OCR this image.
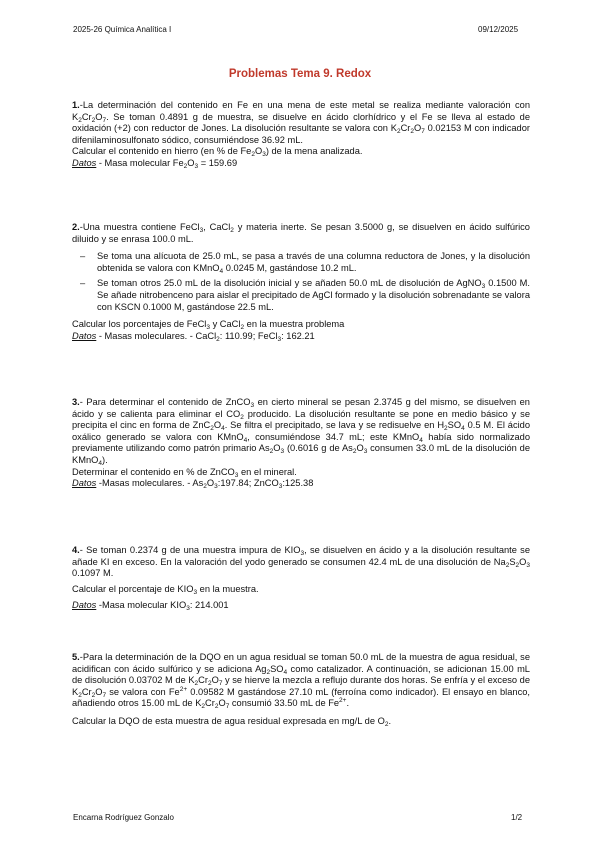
2025-26 Química Analítica I	09/12/2025
Problemas Tema 9. Redox

1.-La determinación del contenido en Fe en una mena de este metal se realiza mediante valoración con $K_2Cr_2O_7$. Se toman 0.4891 g de muestra, se disuelve en ácido clorhídrico y el Fe se lleva al estado de oxidación (+2) con reductor de Jones. La disolución resultante se valora con $K_2Cr_2O_7$ 0.02153 M con indicador difenilaminosulfonato sódico, consumiéndose 36.92 mL.

Calcular el contenido en hierro (en % de $Fe_2O_3$) de la mena analizada.

Datos - Masa molecular $Fe_2O_3 = 159.69$

2.-Una muestra contiene FeCl$_3$, CaCl$_2$ y materia inerte. Se pesan 3.5000 g, se disuelven en ácido sulfúrico diluido y se enrasa 100.0 mL.

– Se toma una alícuota de 25.0 mL, se pasa a través de una columna reductora de Jones, y la disolución obtenida se valora con KMnO$_4$ 0.0245 M, gastándose 10.2 mL.
– Se toman otros 25.0 mL de la disolución inicial y se añaden 50.0 mL de disolución de AgNO$_3$ 0.1500 M. Se añade nitrobenceno para aislar el precipitado de AgCl formado y la disolución sobrenadante se valora con KSCN 0.1000 M, gastándose 22.5 mL.

Calcular los porcentajes de FeCl$_3$ y CaCl$_2$ en la muestra problema

Datos - Masas moleculares. - CaCl$_2$: 110.99; FeCl$_3$: 162.21

3.- Para determinar el contenido de ZnCO$_3$ en cierto mineral se pesan 2.3745 g del mismo, se disuelven en ácido y se calienta para eliminar el $CO_2$ producido. La disolución resultante se pone en medio básico y se precipita el cinc en forma de $ZnC_2O_4$. Se filtra el precipitado, se lava y se redisuelve en $H_2SO_4$ 0.5 M. El ácido oxálico generado se valora con KMnO$_4$, consumiéndose 34.7 mL; este KMnO$_4$ había sido normalizado previamente utilizando como patrón primario $As_2O_3$ (0.6016 g de $As_2O_3$ consumen 33.0 mL de la disolución de KMnO$_4$).

Determinar el contenido en % de ZnCO$_3$ en el mineral.

Datos -Masas moleculares. - $As_2O_3:197.84$; ZnCO$_3$:125.38

4.- Se toman 0.2374 g de una muestra impura de $KIO_3$, se disuelven en ácido y a la disolución resultante se añade KI en exceso. En la valoración del yodo generado se consumen 42.4 mL de una disolución de $Na_2S_2O_3$ 0.1097 M.

Calcular el porcentaje de $KIO_3$ en la muestra.

Datos -Masa molecular $KIO_3$: 214.001

5.-Para la determinación de la DQO en un agua residual se toman 50.0 mL de la muestra de agua residual, se acidifican con ácido sulfúrico y se adiciona $Ag_2SO_4$ como catalizador. A continuación, se adicionan 15.00 mL de disolución 0.03702 M de $K_2Cr_2O_7$ y se hierve la mezcla a reflujo durante dos horas. Se enfría y el exceso de $K_2Cr_2O_7$ se valora con $Fe^{2+}$ 0.09582 M gastándose 27.10 mL (ferroína como indicador). El ensayo en blanco, añadiendo otros 15.00 mL de $K_2Cr_2O_7$ consumió 33.50 mL de $Fe^{2+}$.

Calcular la DQO de esta muestra de agua residual expresada en mg/L de $O_2$.

Encarna Rodríguez Gonzalo	1/2
